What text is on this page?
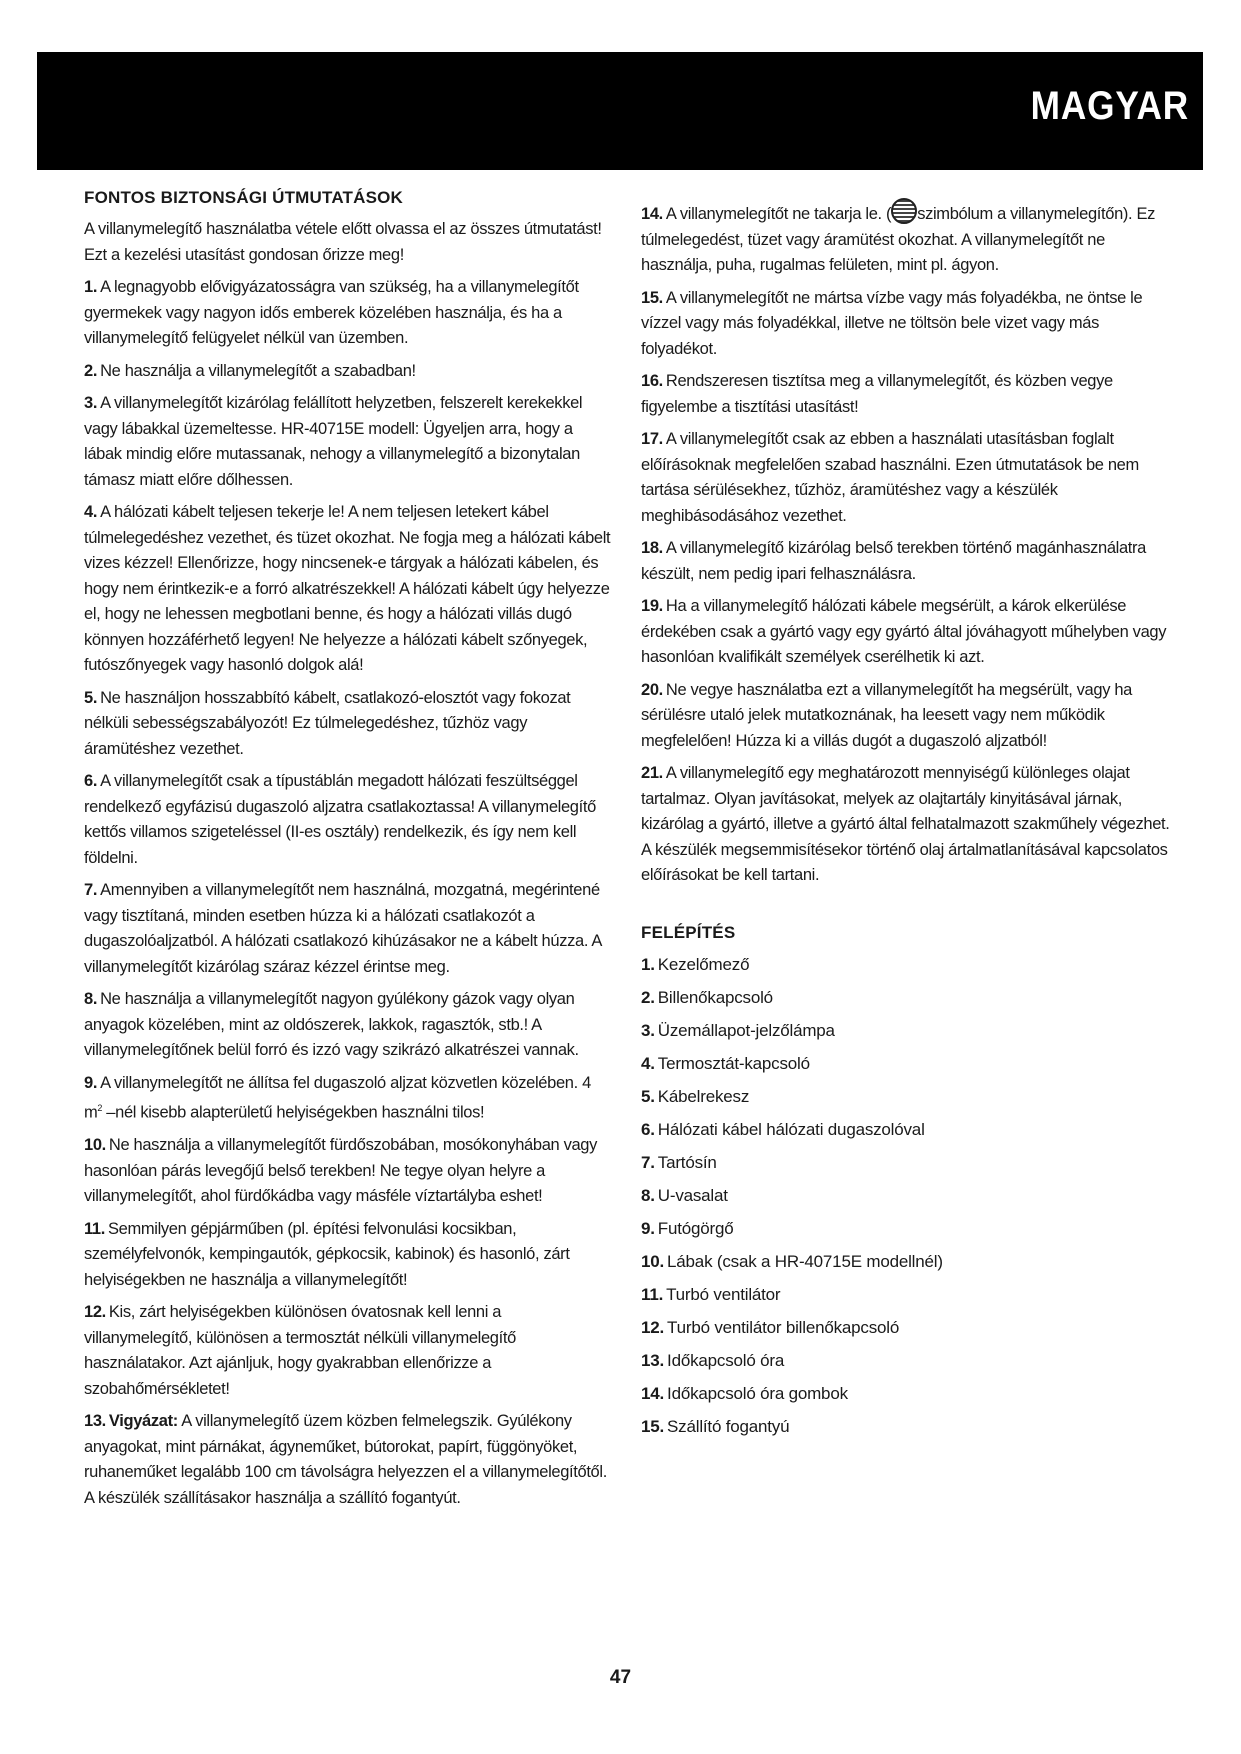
MAGYAR
FONTOS BIZTONSÁGI ÚTMUTATÁSOK

A villanymelegítő használatba vétele előtt olvassa el az összes útmutatást! Ezt a kezelési utasítást gondosan őrizze meg!

1. A legnagyobb elővigyázatosságra van szükség, ha a villanymelegítőt gyermekek vagy nagyon idős emberek közelében használja, és ha a villanymelegítő felügyelet nélkül van üzemben.

2. Ne használja a villanymelegítőt a szabadban!

3. A villanymelegítőt kizárólag felállított helyzetben, felszerelt kerekekkel vagy lábakkal üzemeltesse. HR-40715E modell: Ügyeljen arra, hogy a lábak mindig előre mutassanak, nehogy a villanymelegítő a bizonytalan támasz miatt előre dőlhessen.

4. A hálózati kábelt teljesen tekerje le! A nem teljesen letekert kábel túlmelegedéshez vezethet, és tüzet okozhat. Ne fogja meg a hálózati kábelt vizes kézzel! Ellenőrizze, hogy nincsenek-e tárgyak a hálózati kábelen, és hogy nem érintkezik-e a forró alkatrészekkel! A hálózati kábelt úgy helyezze el, hogy ne lehessen megbotlani benne, és hogy a hálózati villás dugó könnyen hozzáférhető legyen! Ne helyezze a hálózati kábelt szőnyegek, futószőnyegek vagy hasonló dolgok alá!

5. Ne használjon hosszabbító kábelt, csatlakozó-elosztót vagy fokozat nélküli sebességszabályozót! Ez túlmelegedéshez, tűzhöz vagy áramütéshez vezethet.

6. A villanymelegítőt csak a típustáblán megadott hálózati feszültséggel rendelkező egyfázisú dugaszoló aljzatra csatlakoztassa! A villanymelegítő kettős villamos szigeteléssel (II-es osztály) rendelkezik, és így nem kell földelni.

7. Amennyiben a villanymelegítőt nem használná, mozgatná, megérintené vagy tisztítaná, minden esetben húzza ki a hálózati csatlakozót a dugaszolóaljzatból. A hálózati csatlakozó kihúzásakor ne a kábelt húzza. A villanymelegítőt kizárólag száraz kézzel érintse meg.

8. Ne használja a villanymelegítőt nagyon gyúlékony gázok vagy olyan anyagok közelében, mint az oldószerek, lakkok, ragasztók, stb.! A villanymelegítőnek belül forró és izzó vagy szikrázó alkatrészei vannak.

9. A villanymelegítőt ne állítsa fel dugaszoló aljzat közvetlen közelében. 4 $m^2$ –nél kisebb alapterületű helyiségekben használni tilos!

10. Ne használja a villanymelegítőt fürdőszobában, mosókonyhában vagy hasonlóan párás levegőjű belső terekben! Ne tegye olyan helyre a villanymelegítőt, ahol fürdőkádba vagy másféle víztartályba eshet!

11. Semmilyen gépjárműben (pl. építési felvonulási kocsikban, személyfelvonók, kempingautók, gépkocsik, kabinok) és hasonló, zárt helyiségekben ne használja a villanymelegítőt!

12. Kis, zárt helyiségekben különösen óvatosnak kell lenni a villanymelegítő, különösen a termosztát nélküli villanymelegítő használatakor. Azt ajánljuk, hogy gyakrabban ellenőrizze a szobahőmérsékletet!

13. Vigyázat: A villanymelegítő üzem közben felmelegszik. Gyúlékony anyagokat, mint párnákat, ágyneműket, bútorokat, papírt, függönyöket, ruhaneműket legalább 100 cm távolságra helyezzen el a villanymelegítőtől. A készülék szállításakor használja a szállító fogantyút.

14. A villanymelegítőt ne takarja le. ( szimbólum a villanymelegítőn). Ez túlmelegedést, tüzet vagy áramütést okozhat. A villanymelegítőt ne használja, puha, rugalmas felületen, mint pl. ágyon.

15. A villanymelegítőt ne mártsa vízbe vagy más folyadékba, ne öntse le vízzel vagy más folyadékkal, illetve ne töltsön bele vizet vagy más folyadékot.

16. Rendszeresen tisztítsa meg a villanymelegítőt, és közben vegye figyelembe a tisztítási utasítást!

17. A villanymelegítőt csak az ebben a használati utasításban foglalt előírásoknak megfelelően szabad használni. Ezen útmutatások be nem tartása sérülésekhez, tűzhöz, áramütéshez vagy a készülék meghibásodásához vezethet.

18. A villanymelegítő kizárólag belső terekben történő magánhasználatra készült, nem pedig ipari felhasználásra.

19. Ha a villanymelegítő hálózati kábele megsérült, a károk elkerülése érdekében csak a gyártó vagy egy gyártó által jóváhagyott műhelyben vagy hasonlóan kvalifikált személyek cserélhetik ki azt.

20. Ne vegye használatba ezt a villanymelegítőt ha megsérült, vagy ha sérülésre utaló jelek mutatkoznának, ha leesett vagy nem működik megfelelően! Húzza ki a villás dugót a dugaszoló aljzatból!

21. A villanymelegítő egy meghatározott mennyiségű különleges olajat tartalmaz. Olyan javításokat, melyek az olajtartály kinyitásával járnak, kizárólag a gyártó, illetve a gyártó által felhatalmazott szakműhely végezhet. A készülék megsemmisítésekor történő olaj ártalmatlanításával kapcsolatos előírásokat be kell tartani.

FELÉPÍTÉS

1. Kezelőmező

2. Billenőkapcsoló

3. Üzemállapot-jelzőlámpa

4. Termosztát-kapcsoló

5. Kábelrekesz

6. Hálózati kábel hálózati dugaszolóval

7. Tartósín

8. U-vasalat

9. Futógörgő

10. Lábak (csak a HR-40715E modellnél)

11. Turbó ventilátor

12. Turbó ventilátor billenőkapcsoló

13. Időkapcsoló óra

14. Időkapcsoló óra gombok

15. Szállító fogantyú

47
